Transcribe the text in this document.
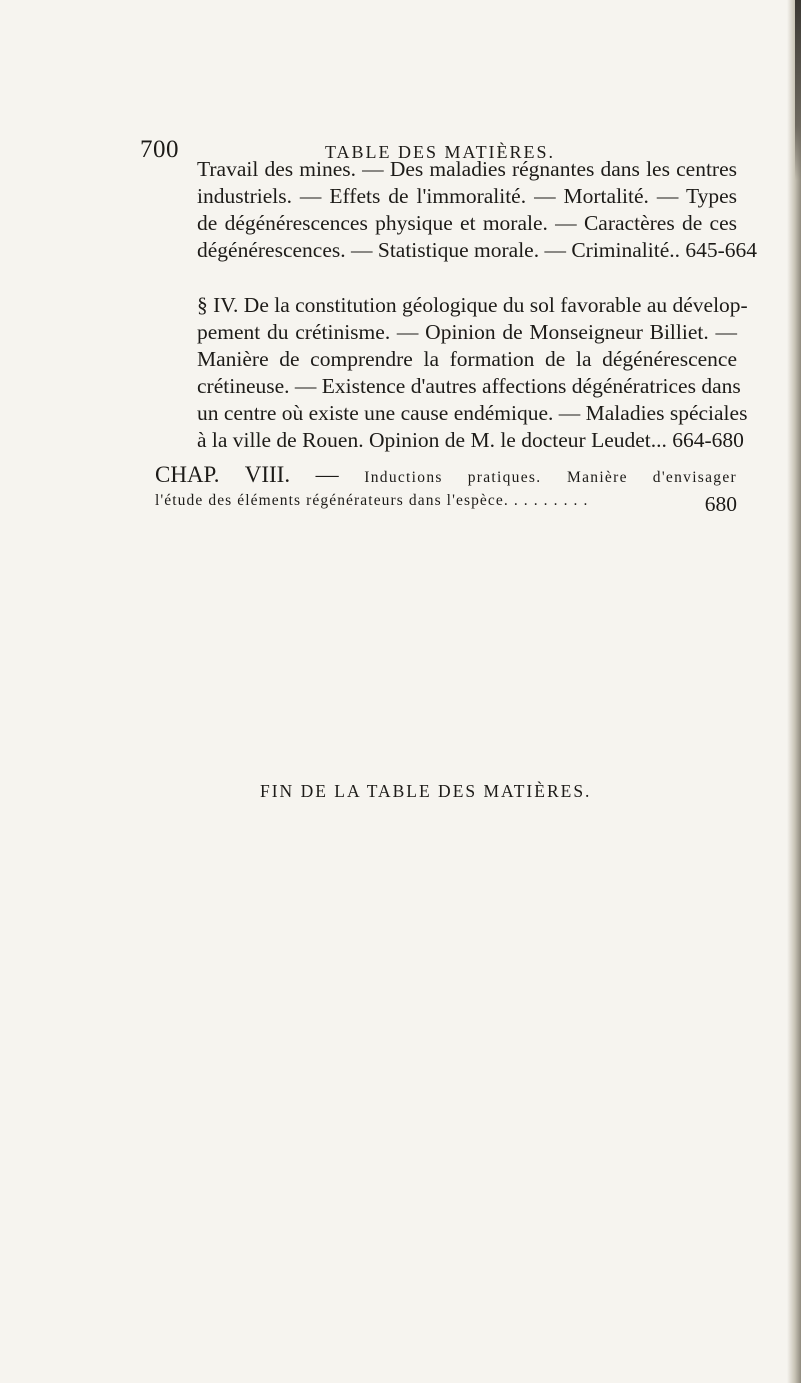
700	TABLE DES MATIÈRES.
Travail des mines. — Des maladies régnantes dans les centres
industriels. — Effets de l'immoralité. — Mortalité. — Types
de dégénérescences physique et morale. — Caractères de ces
dégénérescences. — Statistique morale. — Criminalité.. 645-664
§ IV. De la constitution géologique du sol favorable au dévelop-
pement du crétinisme. — Opinion de Monseigneur Billiet. —
Manière de comprendre la formation de la dégénérescence
crétineuse. — Existence d'autres affections dégénératrices dans
un centre où existe une cause endémique. — Maladies spéciales
à la ville de Rouen. Opinion de M. le docteur Leudet... 664-680
CHAP. VIII. — Inductions pratiques. Manière d'envisager
l'étude des éléments régénérateurs dans l'espèce. . . . . . . . .	680
FIN DE LA TABLE DES MATIÈRES.
